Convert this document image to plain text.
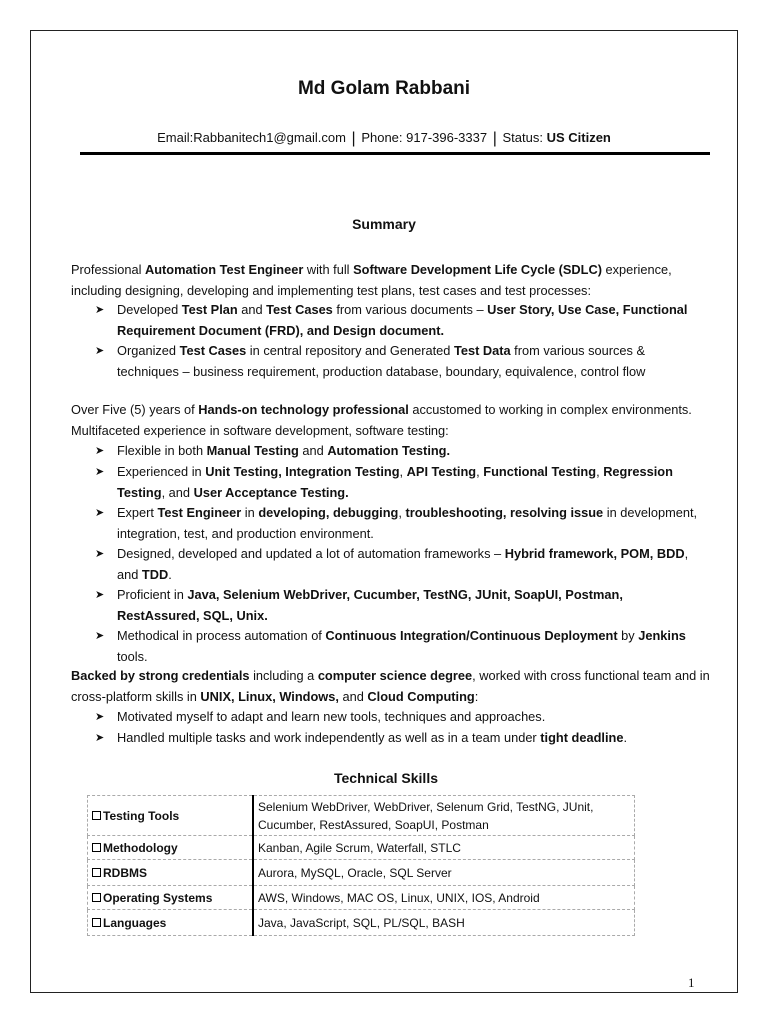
Md Golam Rabbani
Email:Rabbanitech1@gmail.com | Phone: 917-396-3337 | Status: US Citizen
Summary
Professional Automation Test Engineer with full Software Development Life Cycle (SDLC) experience, including designing, developing and implementing test plans, test cases and test processes:
➤ Developed Test Plan and Test Cases from various documents – User Story, Use Case, Functional Requirement Document (FRD), and Design document.
➤ Organized Test Cases in central repository and Generated Test Data from various sources & techniques – business requirement, production database, boundary, equivalence, control flow
Over Five (5) years of Hands-on technology professional accustomed to working in complex environments. Multifaceted experience in software development, software testing:
➤ Flexible in both Manual Testing and Automation Testing.
➤ Experienced in Unit Testing, Integration Testing, API Testing, Functional Testing, Regression Testing, and User Acceptance Testing.
➤ Expert Test Engineer in developing, debugging, troubleshooting, resolving issue in development, integration, test, and production environment.
➤ Designed, developed and updated a lot of automation frameworks – Hybrid framework, POM, BDD, and TDD.
➤ Proficient in Java, Selenium WebDriver, Cucumber, TestNG, JUnit, SoapUI, Postman, RestAssured, SQL, Unix.
➤ Methodical in process automation of Continuous Integration/Continuous Deployment by Jenkins tools.
Backed by strong credentials including a computer science degree, worked with cross functional team and in cross-platform skills in UNIX, Linux, Windows, and Cloud Computing:
➤ Motivated myself to adapt and learn new tools, techniques and approaches.
➤ Handled multiple tasks and work independently as well as in a team under tight deadline.
Technical Skills
Testing Tools	Selenium WebDriver, WebDriver, Selenum Grid, TestNG, JUnit, Cucumber, RestAssured, SoapUI, Postman
Methodology	Kanban, Agile Scrum, Waterfall, STLC
RDBMS	Aurora, MySQL, Oracle, SQL Server
Operating Systems	AWS, Windows, MAC OS, Linux, UNIX, IOS, Android
Languages	Java, JavaScript, SQL, PL/SQL, BASH
1
